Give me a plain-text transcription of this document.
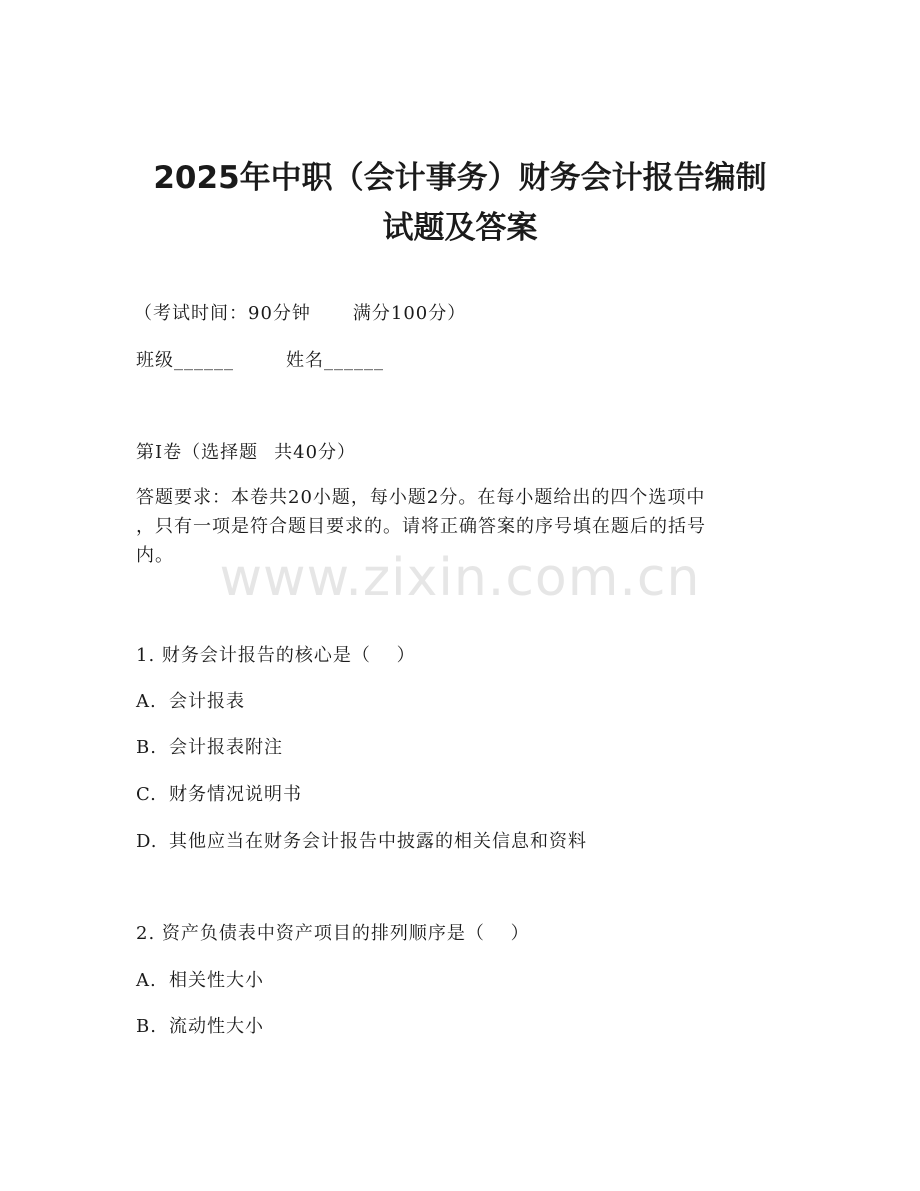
2025年中职（会计事务）财务会计报告编制
试题及答案
（考试时间：90分钟 满分100分）
班级______	姓名______
第Ⅰ卷（选择题 共40分）
答题要求：本卷共20小题，每小题2分。在每小题给出的四个选项中
，只有一项是符合题目要求的。请将正确答案的序号填在题后的括号
内。 www.zixin.com.cn
1. 财务会计报告的核心是（　 ）
A. 会计报表
B. 会计报表附注
C. 财务情况说明书
D. 其他应当在财务会计报告中披露的相关信息和资料
2. 资产负债表中资产项目的排列顺序是（　 ）
A. 相关性大小
B. 流动性大小
